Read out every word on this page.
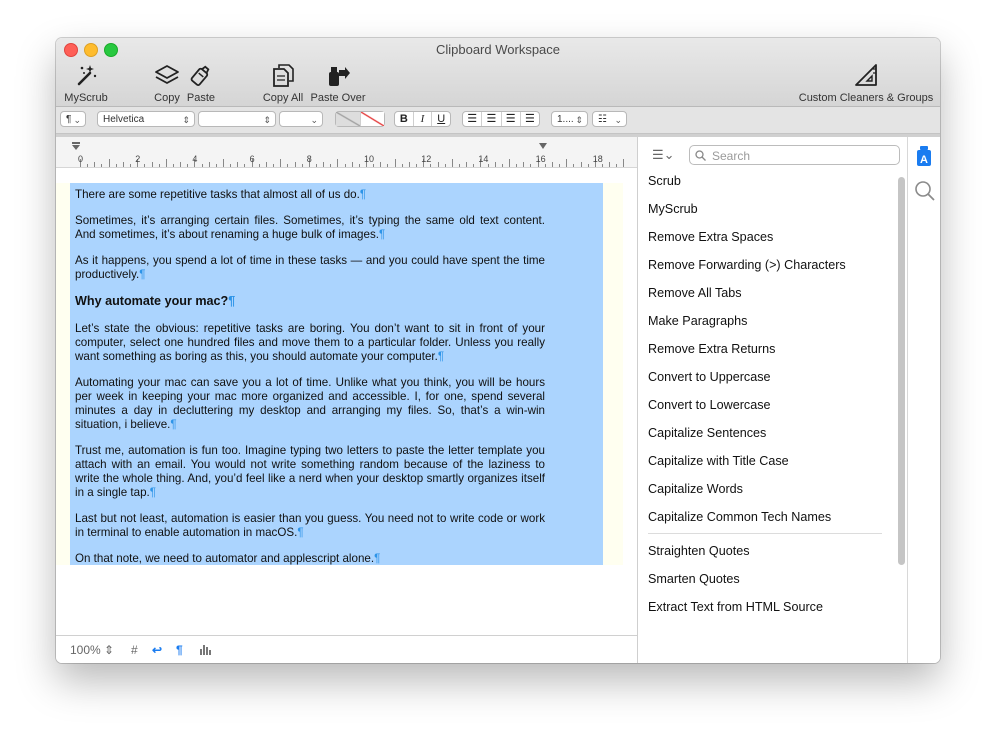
Clipboard Workspace
MyScrub	Copy Paste	Copy All Paste Over	Custom Cleaners & Groups
¶ ⌄	Helvetica	⇕	⇕	⌄	B	I	U	☰ ☰ ☰ ☰	1.... ⇕	☷ ⌄
0	2	4	6	8	10	12	14	16	18

There are some repetitive tasks that almost all of us do.¶

Sometimes, it’s arranging certain files. Sometimes, it’s typing the same old text content. And sometimes, it’s about renaming a huge bulk of images.¶

As it happens, you spend a lot of time in these tasks — and you could have spent the time productively.¶

Why automate your mac?¶

Let’s state the obvious: repetitive tasks are boring. You don’t want to sit in front of your computer, select one hundred files and move them to a particular folder. Unless you really want something as boring as this, you should automate your computer.¶

Automating your mac can save you a lot of time. Unlike what you think, you will be hours per week in keeping your mac more organized and accessible. I, for one, spend several minutes a day in decluttering my desktop and arranging my files. So, that’s a win-win situation, i believe.¶

Trust me, automation is fun too. Imagine typing two letters to paste the letter template you attach with an email. You would not write something random because of the laziness to write the whole thing. And, you’d feel like a nerd when your desktop smartly organizes itself in a single tap.¶

Last but not least, automation is easier than you guess. You need not to write code or work in terminal to enable automation in macOS.¶

On that note, we need to automator and applescript alone.¶

100% ⇕ # ↩ ¶
☰⌄
Search
Scrub
MyScrub
Remove Extra Spaces
Remove Forwarding (>) Characters
Remove All Tabs
Make Paragraphs
Remove Extra Returns
Convert to Uppercase
Convert to Lowercase
Capitalize Sentences
Capitalize with Title Case
Capitalize Words
Capitalize Common Tech Names
Straighten Quotes
Smarten Quotes
Extract Text from HTML Source
A
